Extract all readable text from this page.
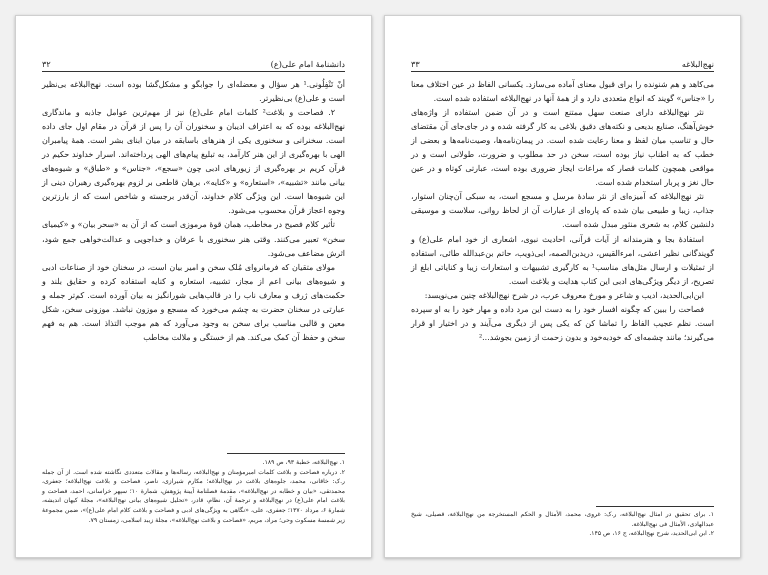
۳۲	دانشنامهٔ امام علی(ع)

أنْ تَنْفِلُونی.¹ هر سؤال و معضله‌ای را جوابگو و مشکل‌گشا بوده است. نهج‌البلاغه بی‌نظیر است و علی(ع) بی‌نظیرتر.

۲. فصاحت و بلاغت² کلمات امام علی(ع) نیز از مهم‌ترین عوامل جاذبه و ماندگاری نهج‌البلاغه بوده که به اعتراف ادیبان و سخنوران آن را پس از قرآن در مقام اول جای داده است. سخنرانی و سخنوری یکی از هنرهای باسابقه در میان ابنای بشر است. همهٔ پیامبران الهی با بهره‌گیری از این هنر کارآمد، به تبلیغ پیام‌های الهی پرداخته‌اند. اسرار خداوند حکیم در قرآن کریم بر بهره‌گیری از زیورهای ادبی چون «سجع»، «جناس» و «طباق» و شیوه‌های بیانی مانند «تشبیه»، «استعاره» و «کنایه»، برهان قاطعی بر لزوم بهره‌گیری رهبران دینی از این شیوه‌ها است. این ویژگی کلام خداوند، آن‌قدر برجسته و شاخص است که از بارزترین وجوه اعجاز قرآن محسوب می‌شود.

تأثیر کلام فصیح در مخاطب، همان قوهٔ مرموزی است که از آن به «سحر بیان» و «کیمیای سخن» تعبیر می‌کنند. وقتی هنر سخنوری با عرفان و خداجویی و عدالت‌خواهی جمع شود، اثرش مضاعف می‌شود.

مولای متقیان که فرمانروای مُلک سخن و امیر بیان است، در سخنان خود از صناعات ادبی و شیوه‌های بیانی اعم از مجاز، تشبیه، استعاره و کنایه استفاده کرده و حقایق بلند و حکمت‌های ژرف و معارف ناب را در قالب‌هایی شورانگیز به بیان آورده است. کم‌تر جمله و عبارتی در سخنان حضرت به چشم می‌خورد که مسجع و موزون نباشد. موزونی سخن، شکل معین و قالبی مناسب برای سخن به وجود می‌آورد که هم موجب التذاذ است. هم به فهم سخن و حفظ آن کمک می‌کند. هم از خستگی و ملالت مخاطب

۱. نهج‌البلاغه، خطبهٔ ۹۳، ص ۱۸۹.

۲. درباره فصاحت و بلاغت کلمات امیرمؤمنان و نهج‌البلاغه، رساله‌ها و مقالات متعددی نگاشته شده است. از آن جمله ر.ک: خاقانی، محمد، جلوه‌های بلاغت در نهج‌البلاغه؛ مکارم شیرازی، ناصر، فصاحت و بلاغت نهج‌البلاغه؛ جعفری، محمدتقی، «بیان و خطابه در نهج‌البلاغه»، مقدمهٔ فصلنامهٔ آیینهٔ پژوهش، شمارهٔ ۱۰؛ سپهر خراسانی، احمد، فصاحت و بلاغت امام علی(ع) در نهج‌البلاغه و ترجمهٔ آن، نظام، قادر، «تحلیل شیوه‌های بیانی نهج‌البلاغه»، مجلهٔ کیهان اندیشه، شمارهٔ ۶، مرداد ۱۳۷۰؛ جعفری، علی، «نگاهی به ویژگی‌های ادبی و فصاحت و بلاغت کلام امام علی(ع)»، ضمن مجموعهٔ زیر شمسهٔ مسکوت وحی؛ مراد، مریم، «فصاحت و بلاغت نهج‌البلاغه»، مجلهٔ زیبد اسلامی، زمستان ۷۹.

۳۳	نهج‌البلاغه

می‌کاهد و هم شنونده را برای قبول معنای آماده می‌سازد. یکسانی الفاظ در عین اختلاف معنا را «جناس» گویند که انواع متعددی دارد و از همهٔ آنها در نهج‌البلاغه استفاده شده است.

نثر نهج‌البلاغه دارای صنعت سهل ممتنع است و در آن ضمن استفاده از واژه‌های خوش‌آهنگ، صنایع بدیعی و نکته‌های دقیق بلاغی به کار گرفته شده و در جای‌جای آن مقتضای حال و تناسب میان لفظ و معنا رعایت شده است. در پیمان‌نامه‌ها، وصیت‌نامه‌ها و بعضی از خطب که به اطناب نیاز بوده است، سخن در حد مطلوب و ضرورت، طولانی است و در مواقعی همچون کلمات قصار که مراعات ایجاز ضروری بوده است، عبارتی کوتاه و در عین حال نغز و پربار استخدام شده است.

نثر نهج‌البلاغه که آمیزه‌ای از نثر سادهٔ مرسل و مسجع است، به سبکی آن‌چنان استوار، جذاب، زیبا و طبیعی بیان شده که پاره‌ای از عبارات آن از لحاظ روانی، سلاست و موسیقی دلنشین کلام، به شعری منثور مبدل شده است.

استفادهٔ بجا و هنرمندانه از آیات قرآنی، احادیث نبوی، اشعاری از خود امام علی(ع) و گویندگانی نظیر اعشی، امرءالقیس، دریدبن‌الصمه، ابی‌ذویب، حاتم بن‌عبدالله طائی، استفاده از تمثیلات و ارسال مثل‌های مناسب¹ به کارگیری تشبیهات و استعارات زیبا و کنایاتی ابلغ از تصریح، از دیگر ویژگی‌های ادبی این کتاب هدایت و بلاغت است.

ابن‌ابی‌الحدید، ادیب و شاعر و مورخ معروف عرب، در شرح نهج‌البلاغه چنین می‌نویسد:

فصاحت را ببین که چگونه افسار خود را به دست این مرد داده و مهار خود را به او سپرده است. نظم عجیب الفاظ را تماشا کن که یکی پس از دیگری می‌آیند و در اختیار او قرار می‌گیرند؛ مانند چشمه‌ای که خودبه‌خود و بدون زحمت از زمین بجوشد...²

۱. برای تحقیق در امثال نهج‌البلاغه، ر.ک: غروی، محمد، الأمثال و الحکم المستخرجة من نهج‌البلاغة، قصیلی، شیخ عبدالهادی، الأمثال فی نهج‌البلاغة.

۲. ابن ابی‌الحدید، شرح نهج‌البلاغه، ج ۱۶، ص ۱۴۵.
